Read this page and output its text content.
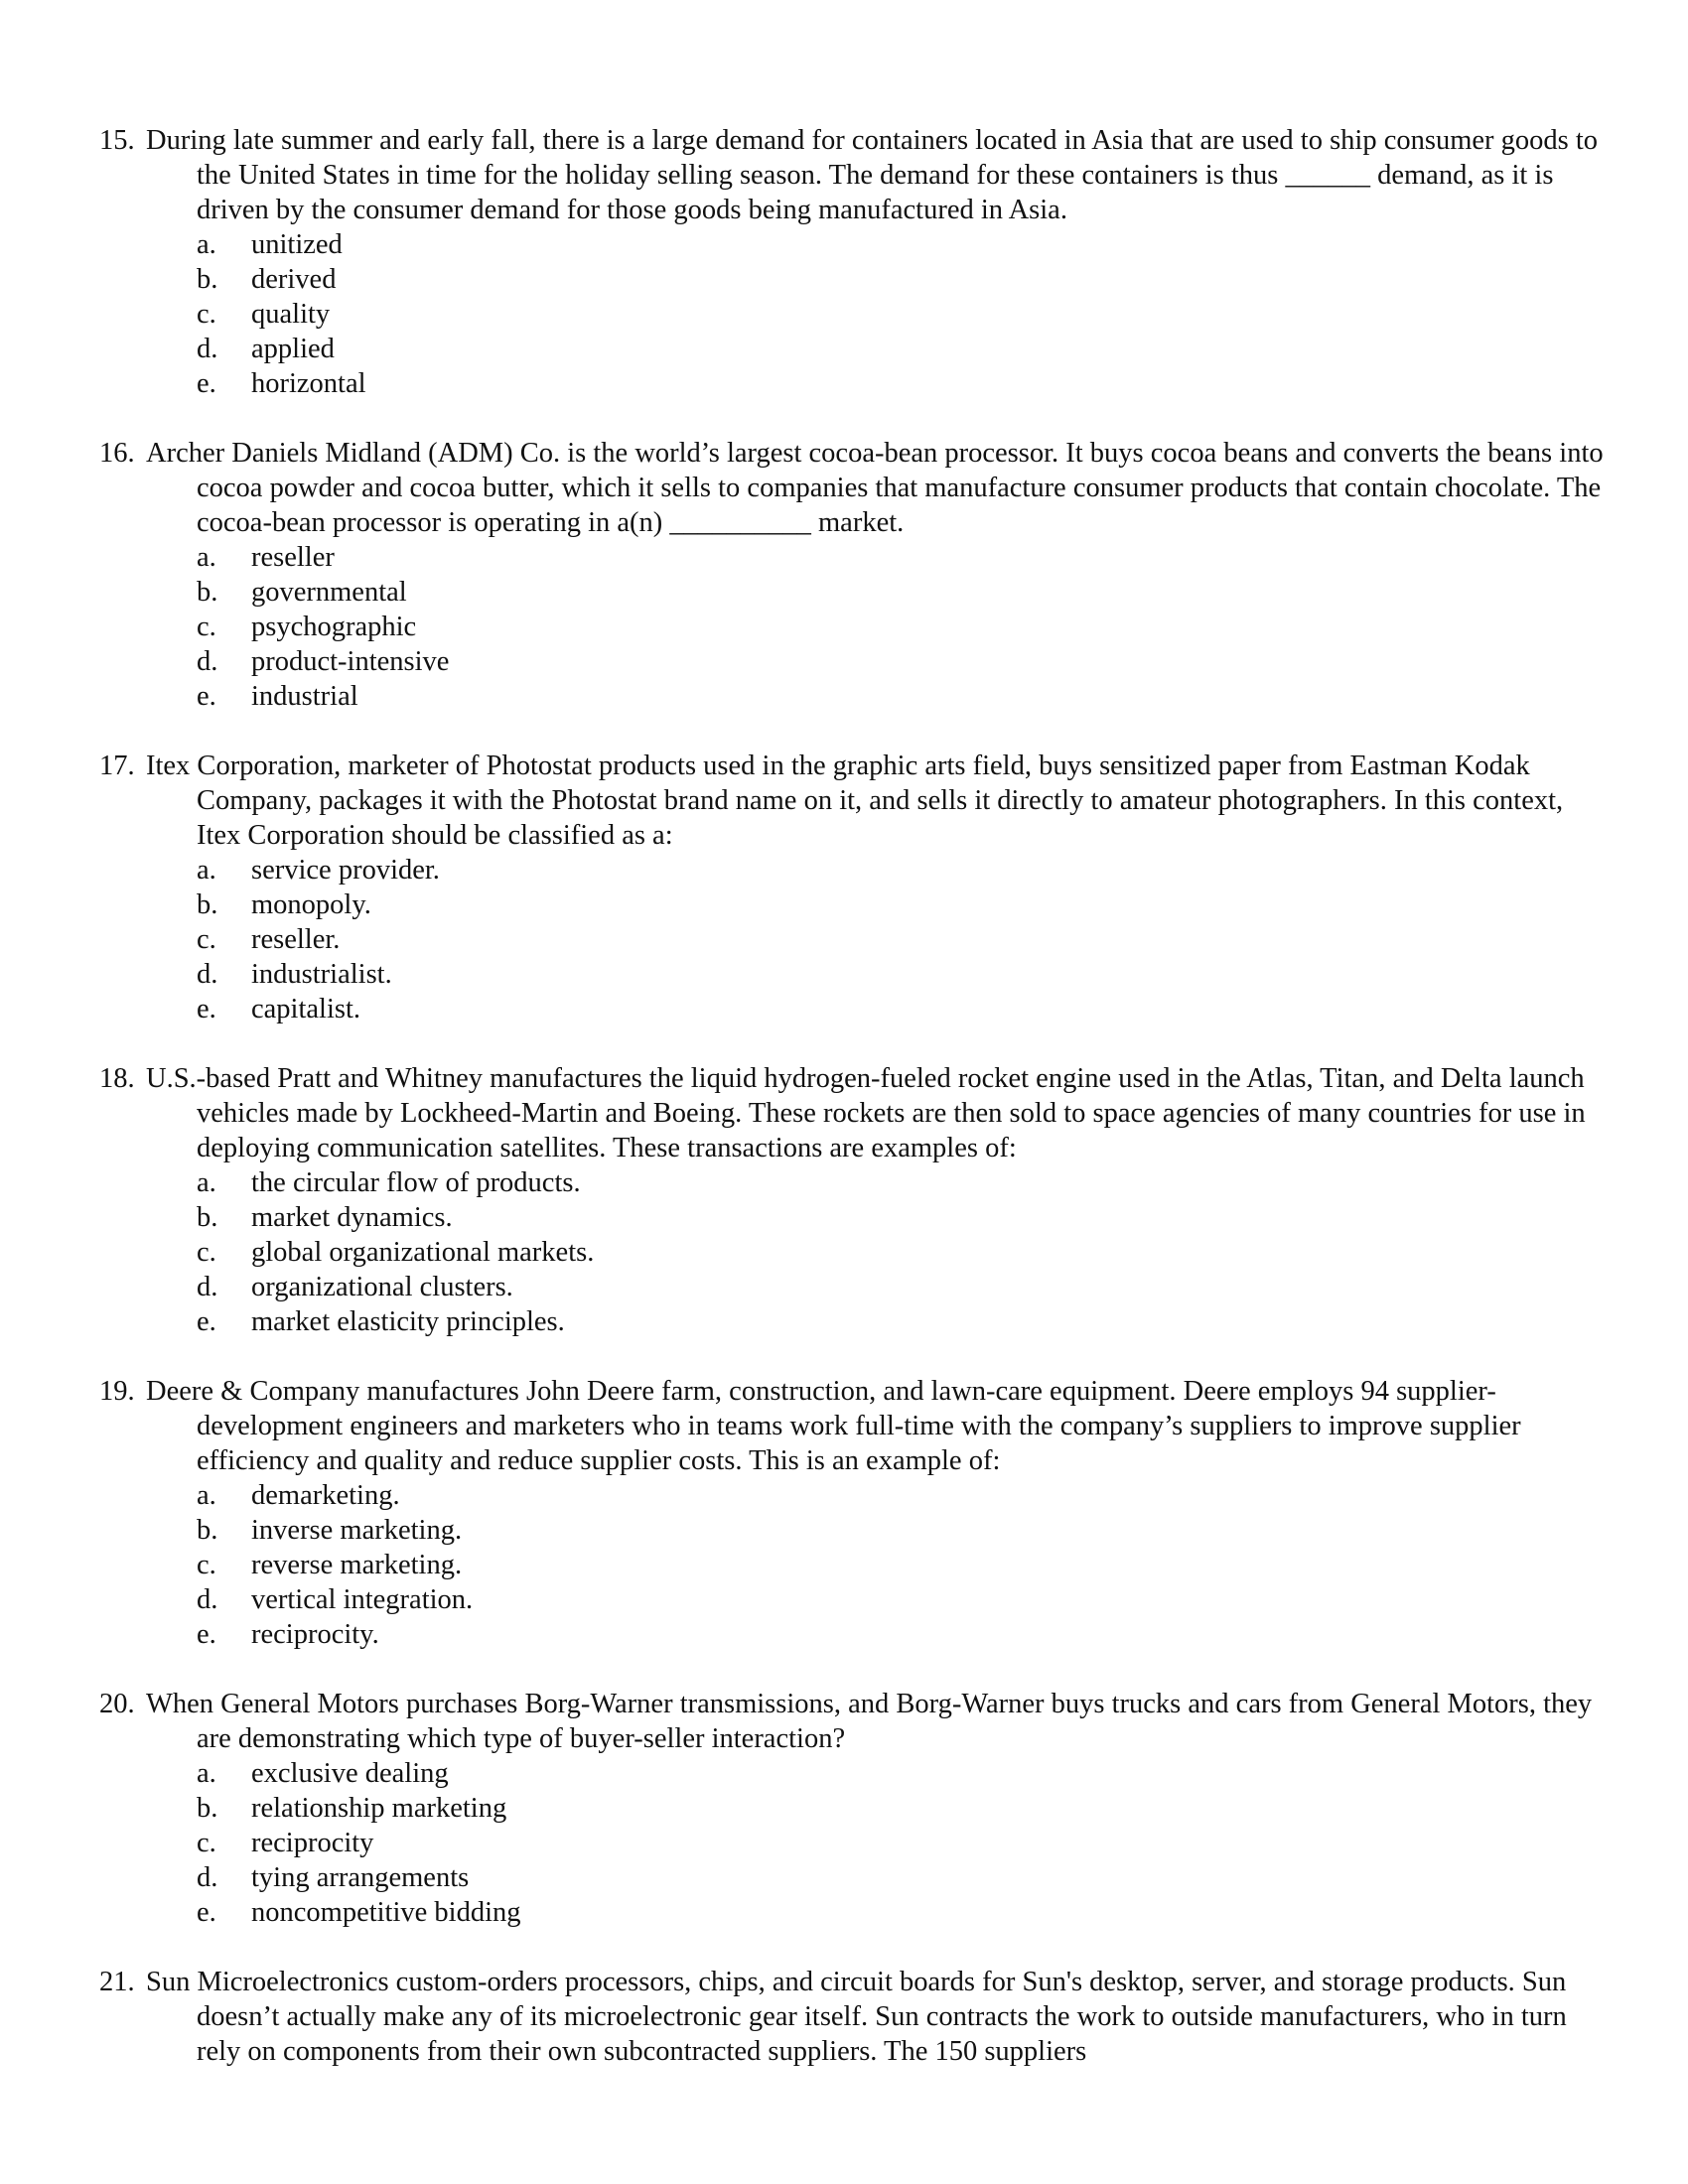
15. During late summer and early fall, there is a large demand for containers located in Asia that are used to ship consumer goods to the United States in time for the holiday selling season. The demand for these containers is thus ______ demand, as it is driven by the consumer demand for those goods being manufactured in Asia.

a.	unitized
b.	derived
c.	quality
d.	applied
e.	horizontal

16. Archer Daniels Midland (ADM) Co. is the world’s largest cocoa-bean processor. It buys cocoa beans and converts the beans into cocoa powder and cocoa butter, which it sells to companies that manufacture consumer products that contain chocolate. The cocoa-bean processor is operating in a(n) __________ market.

a.	reseller
b.	governmental
c.	psychographic
d.	product-intensive
e.	industrial

17. Itex Corporation, marketer of Photostat products used in the graphic arts field, buys sensitized paper from Eastman Kodak Company, packages it with the Photostat brand name on it, and sells it directly to amateur photographers. In this context, Itex Corporation should be classified as a:

a.	service provider.
b.	monopoly.
c.	reseller.
d.	industrialist.
e.	capitalist.

18. U.S.-based Pratt and Whitney manufactures the liquid hydrogen-fueled rocket engine used in the Atlas, Titan, and Delta launch vehicles made by Lockheed-Martin and Boeing. These rockets are then sold to space agencies of many countries for use in deploying communication satellites. These transactions are examples of:

a.	the circular flow of products.
b.	market dynamics.
c.	global organizational markets.
d.	organizational clusters.
e.	market elasticity principles.

19. Deere & Company manufactures John Deere farm, construction, and lawn-care equipment. Deere employs 94 supplier-development engineers and marketers who in teams work full-time with the company’s suppliers to improve supplier efficiency and quality and reduce supplier costs. This is an example of:

a.	demarketing.
b.	inverse marketing.
c.	reverse marketing.
d.	vertical integration.
e.	reciprocity.

20. When General Motors purchases Borg-Warner transmissions, and Borg-Warner buys trucks and cars from General Motors, they are demonstrating which type of buyer-seller interaction?

a.	exclusive dealing
b.	relationship marketing
c.	reciprocity
d.	tying arrangements
e.	noncompetitive bidding

21. Sun Microelectronics custom-orders processors, chips, and circuit boards for Sun's desktop, server, and storage products. Sun doesn’t actually make any of its microelectronic gear itself. Sun contracts the work to outside manufacturers, who in turn rely on components from their own subcontracted suppliers. The 150 suppliers
